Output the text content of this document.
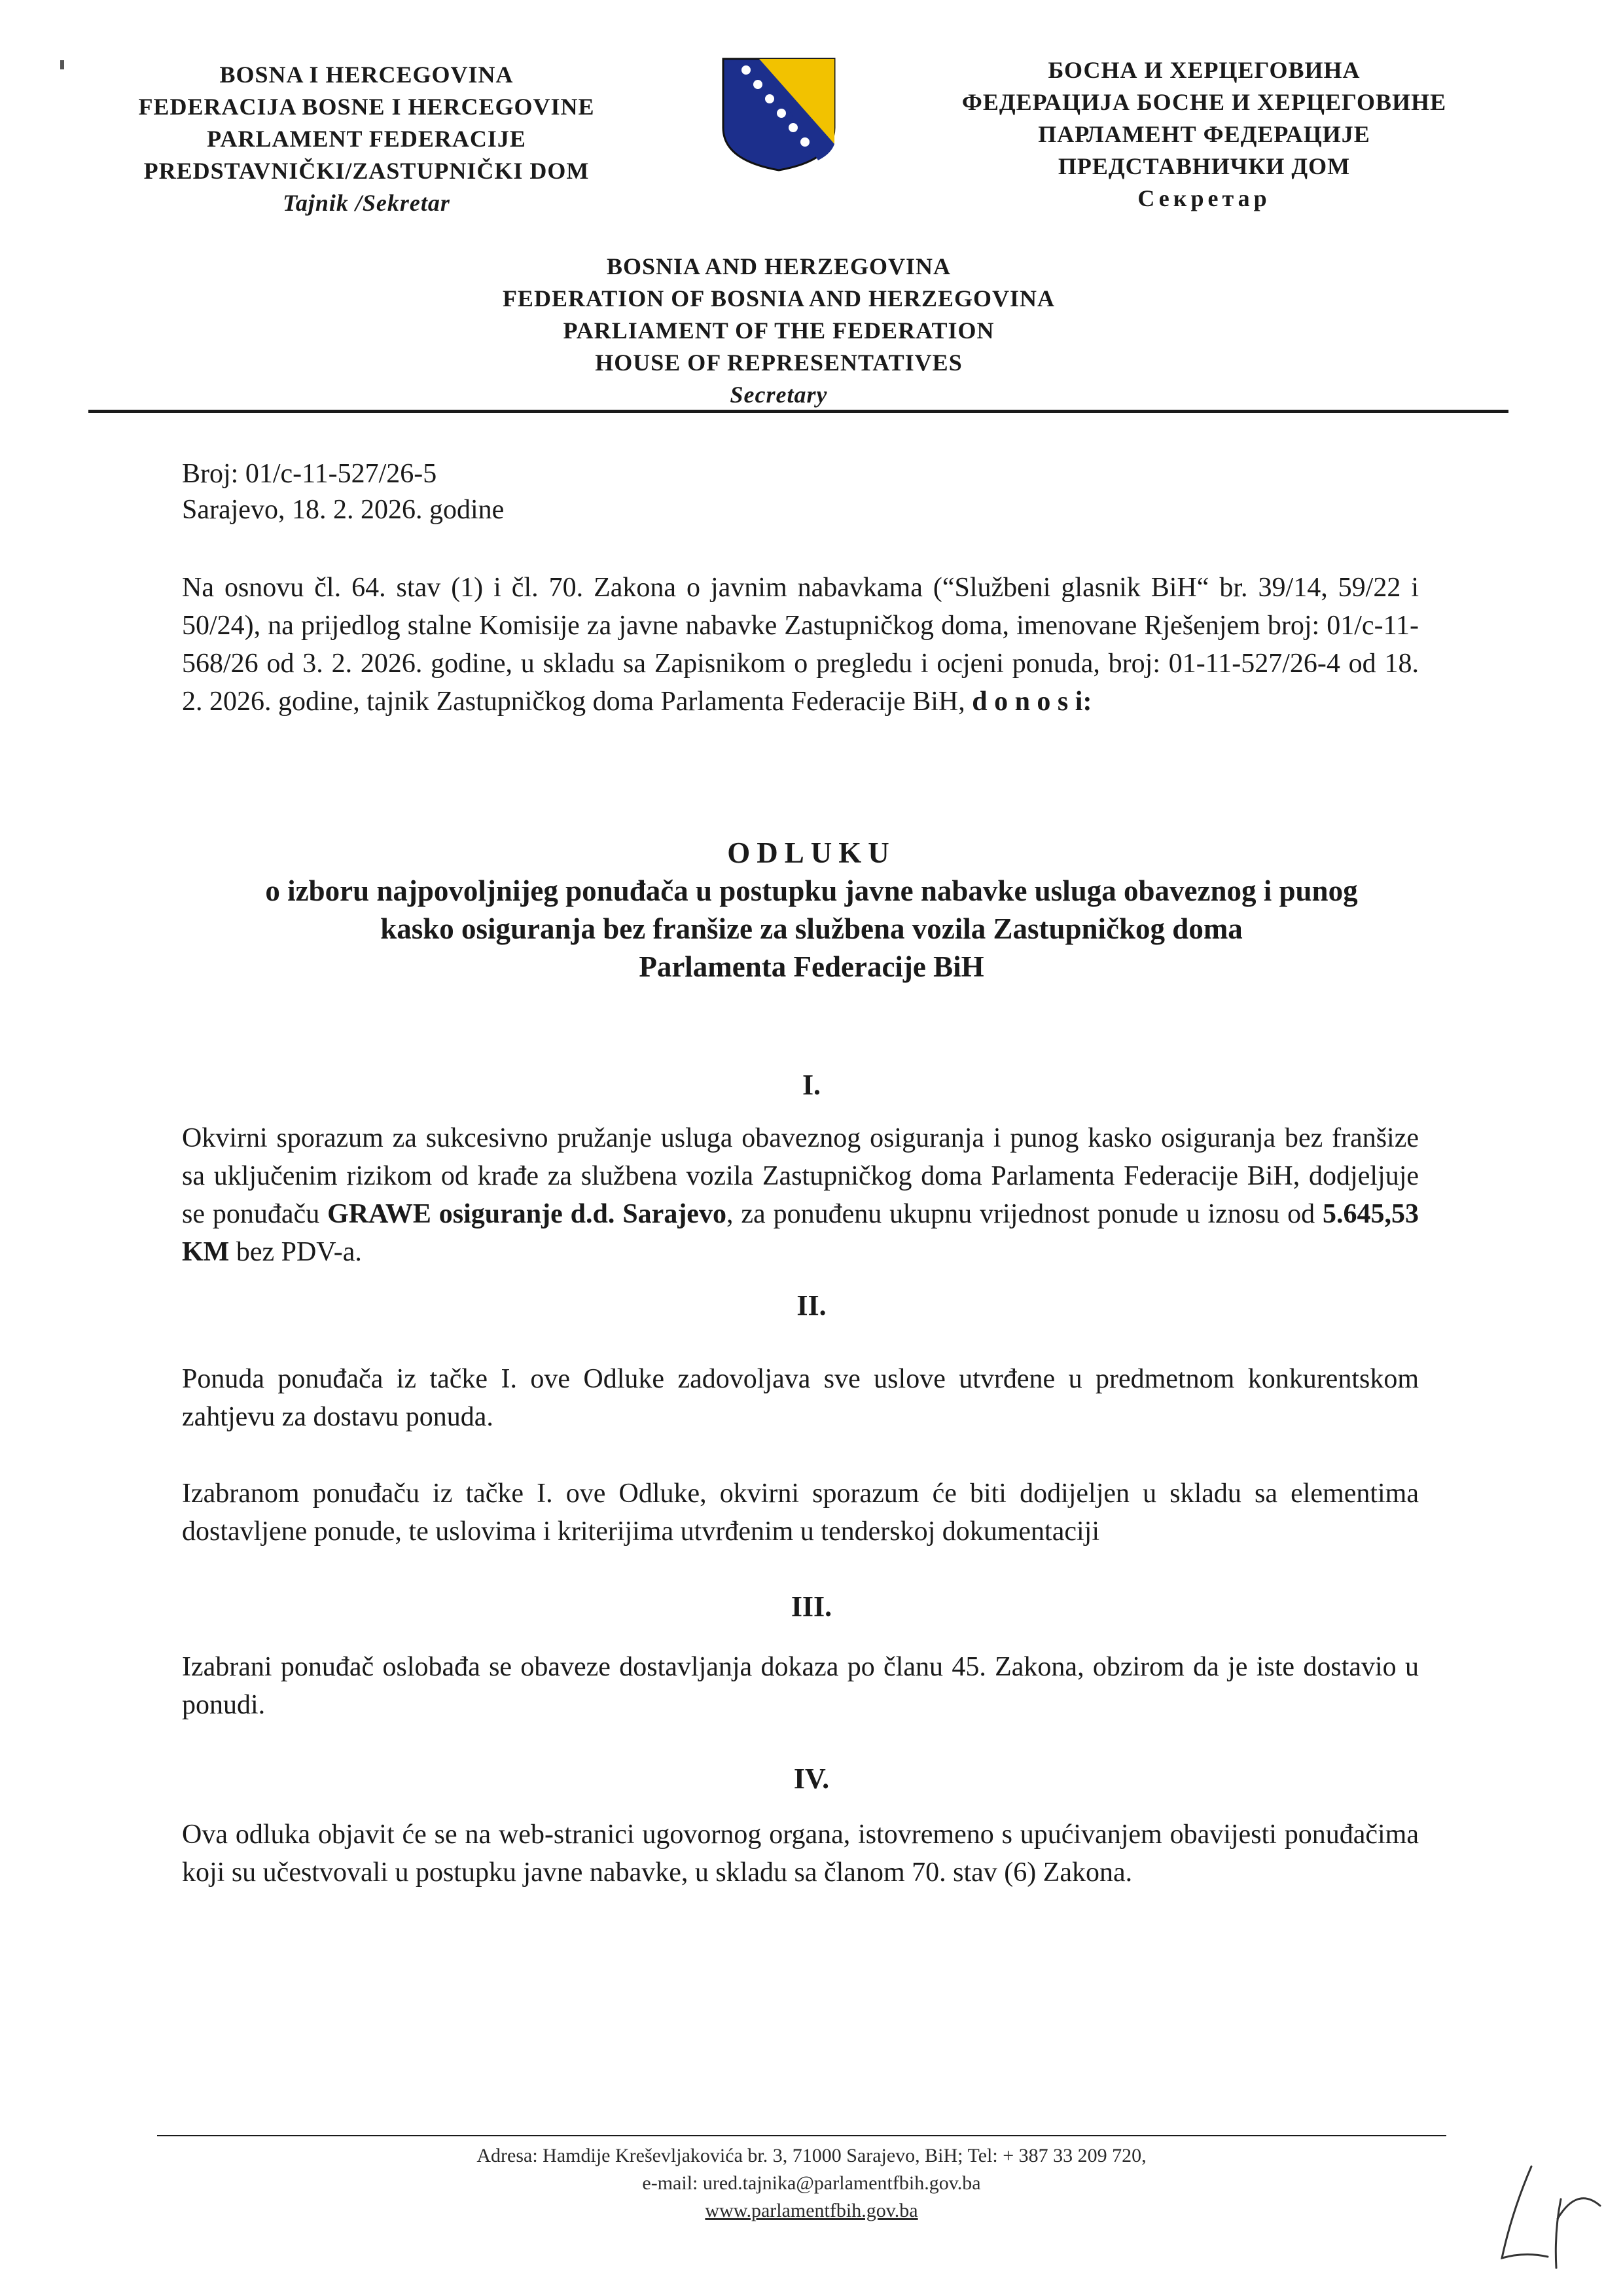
BOSNA I HERCEGOVINA
FEDERACIJA BOSNE I HERCEGOVINE
PARLAMENT FEDERACIJE
PREDSTAVNIČKI/ZASTUPNIČKI DOM
Tajnik /Sekretar
БОСНА И ХЕРЦЕГОВИНА
ФЕДЕРАЦИЈА БОСНЕ И ХЕРЦЕГОВИНЕ
ПАРЛАМЕНТ ФЕДЕРАЦИЈЕ
ПРЕДСТАВНИЧКИ ДОМ
Секретар
BOSNIA AND HERZEGOVINA
FEDERATION OF BOSNIA AND HERZEGOVINA
PARLIAMENT OF THE FEDERATION
HOUSE OF REPRESENTATIVES
Secretary
Broj: 01/c-11-527/26-5
Sarajevo, 18. 2. 2026. godine
Na osnovu čl. 64. stav (1) i čl. 70. Zakona o javnim nabavkama (“Službeni glasnik BiH“ br. 39/14, 59/22 i 50/24), na prijedlog stalne Komisije za javne nabavke Zastupničkog doma, imenovane Rješenjem broj: 01/c-11-568/26 od 3. 2. 2026. godine, u skladu sa Zapisnikom o pregledu i ocjeni ponuda, broj: 01-11-527/26-4 od 18. 2. 2026. godine, tajnik Zastupničkog doma Parlamenta Federacije BiH, d o n o s i:
ODLUKU
o izboru najpovoljnijeg ponuđača u postupku javne nabavke usluga obaveznog i punog
kasko osiguranja bez franšize za službena vozila Zastupničkog doma
Parlamenta Federacije BiH
I.
Okvirni sporazum za sukcesivno pružanje usluga obaveznog osiguranja i punog kasko osiguranja bez franšize sa uključenim rizikom od krađe za službena vozila Zastupničkog doma Parlamenta Federacije BiH, dodjeljuje se ponuđaču GRAWE osiguranje d.d. Sarajevo, za ponuđenu ukupnu vrijednost ponude u iznosu od 5.645,53 KM bez PDV-a.
II.
Ponuda ponuđača iz tačke I. ove Odluke zadovoljava sve uslove utvrđene u predmetnom konkurentskom zahtjevu za dostavu ponuda.
Izabranom ponuđaču iz tačke I. ove Odluke, okvirni sporazum će biti dodijeljen u skladu sa elementima dostavljene ponude, te uslovima i kriterijima utvrđenim u tenderskoj dokumentaciji
III.
Izabrani ponuđač oslobađa se obaveze dostavljanja dokaza po članu 45. Zakona, obzirom da je iste dostavio u ponudi.
IV.
Ova odluka objavit će se na web-stranici ugovornog organa, istovremeno s upućivanjem obavijesti ponuđačima koji su učestvovali u postupku javne nabavke, u skladu sa članom 70. stav (6) Zakona.
Adresa: Hamdije Kreševljakovića br. 3, 71000 Sarajevo, BiH; Tel: + 387 33 209 720,
e-mail: ured.tajnika@parlamentfbih.gov.ba
www.parlamentfbih.gov.ba
